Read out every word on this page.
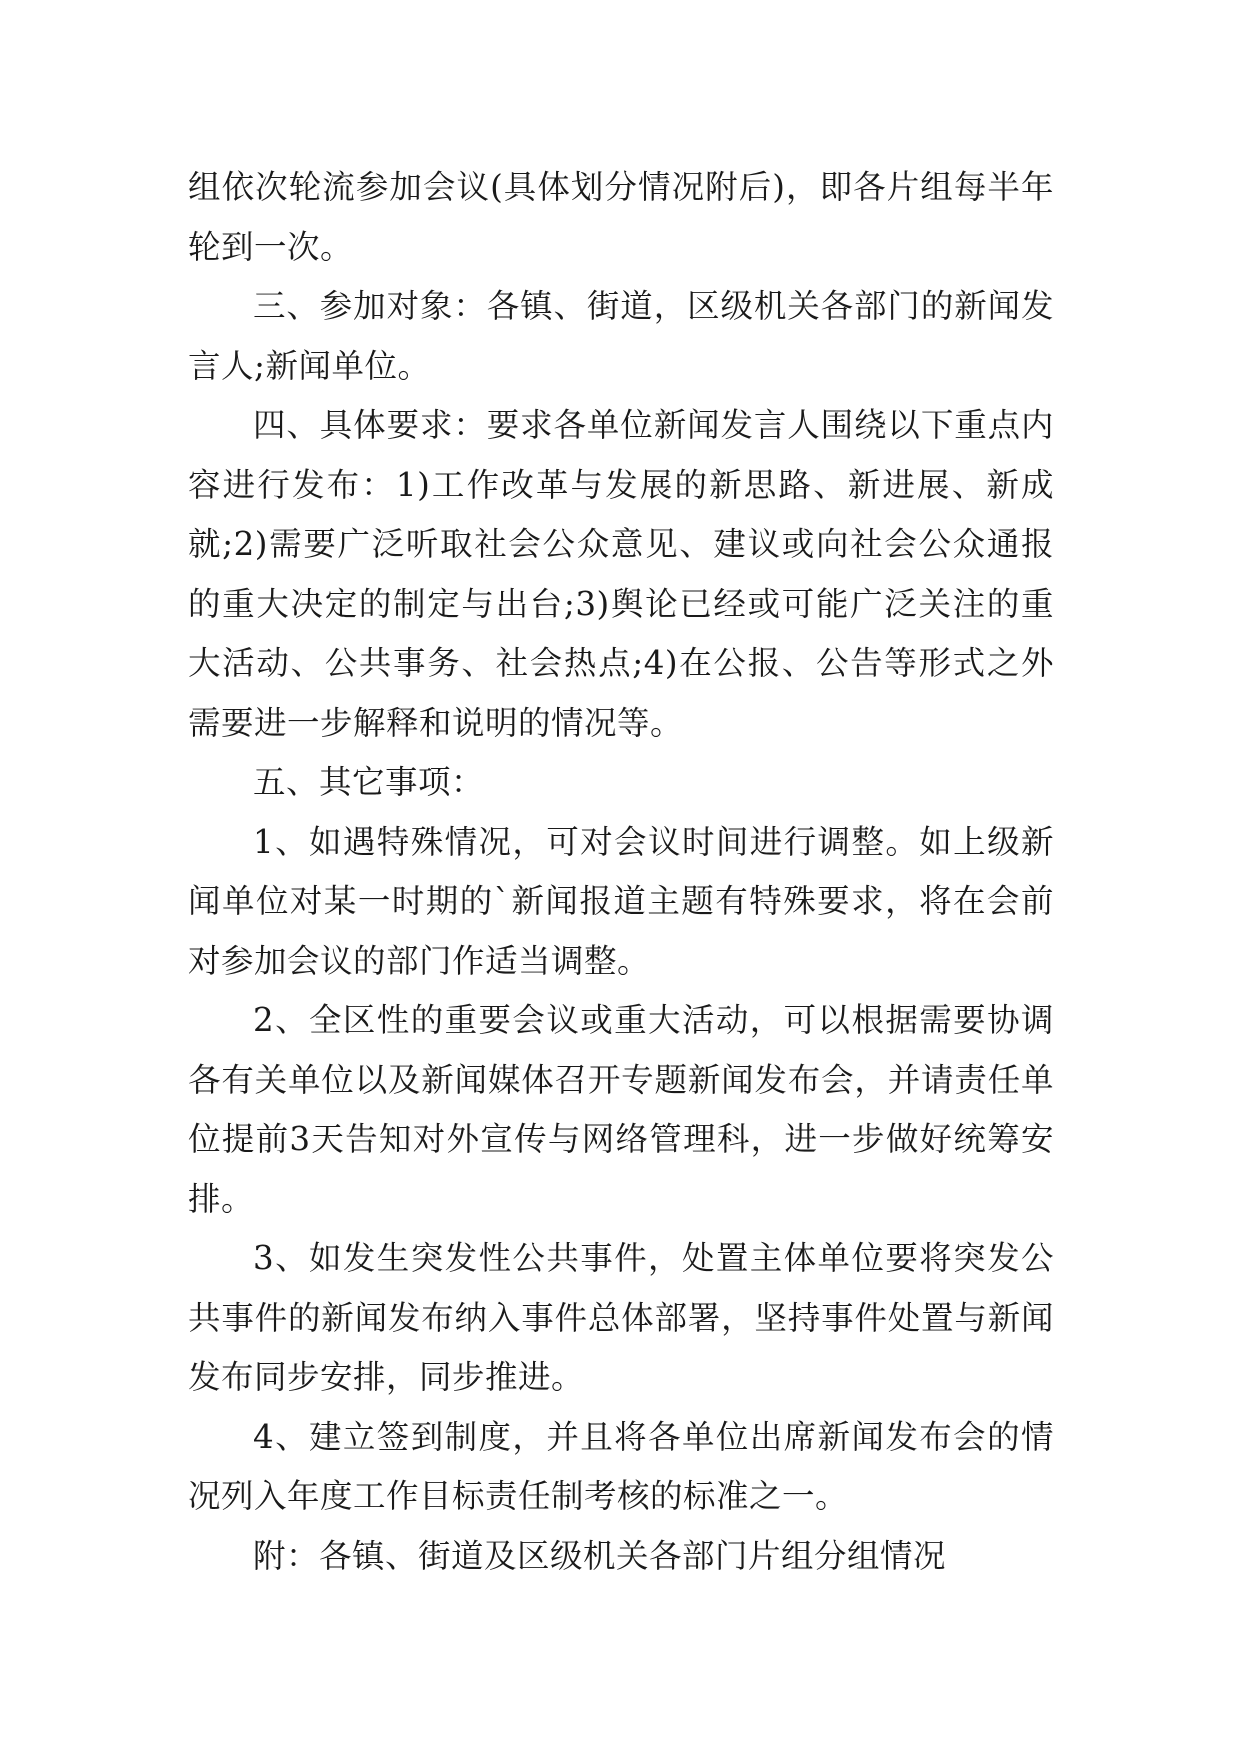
组依次轮流参加会议(具体划分情况附后)，即各片组每半年轮到一次。

三、参加对象：各镇、街道，区级机关各部门的新闻发言人;新闻单位。

四、具体要求：要求各单位新闻发言人围绕以下重点内容进行发布：1)工作改革与发展的新思路、新进展、新成就;2)需要广泛听取社会公众意见、建议或向社会公众通报的重大决定的制定与出台;3)舆论已经或可能广泛关注的重大活动、公共事务、社会热点;4)在公报、公告等形式之外需要进一步解释和说明的情况等。

五、其它事项：

1、如遇特殊情况，可对会议时间进行调整。如上级新闻单位对某一时期的`新闻报道主题有特殊要求，将在会前对参加会议的部门作适当调整。

2、全区性的重要会议或重大活动，可以根据需要协调各有关单位以及新闻媒体召开专题新闻发布会，并请责任单位提前3天告知对外宣传与网络管理科，进一步做好统筹安排。

3、如发生突发性公共事件，处置主体单位要将突发公共事件的新闻发布纳入事件总体部署，坚持事件处置与新闻发布同步安排，同步推进。

4、建立签到制度，并且将各单位出席新闻发布会的情况列入年度工作目标责任制考核的标准之一。

附：各镇、街道及区级机关各部门片组分组情况
